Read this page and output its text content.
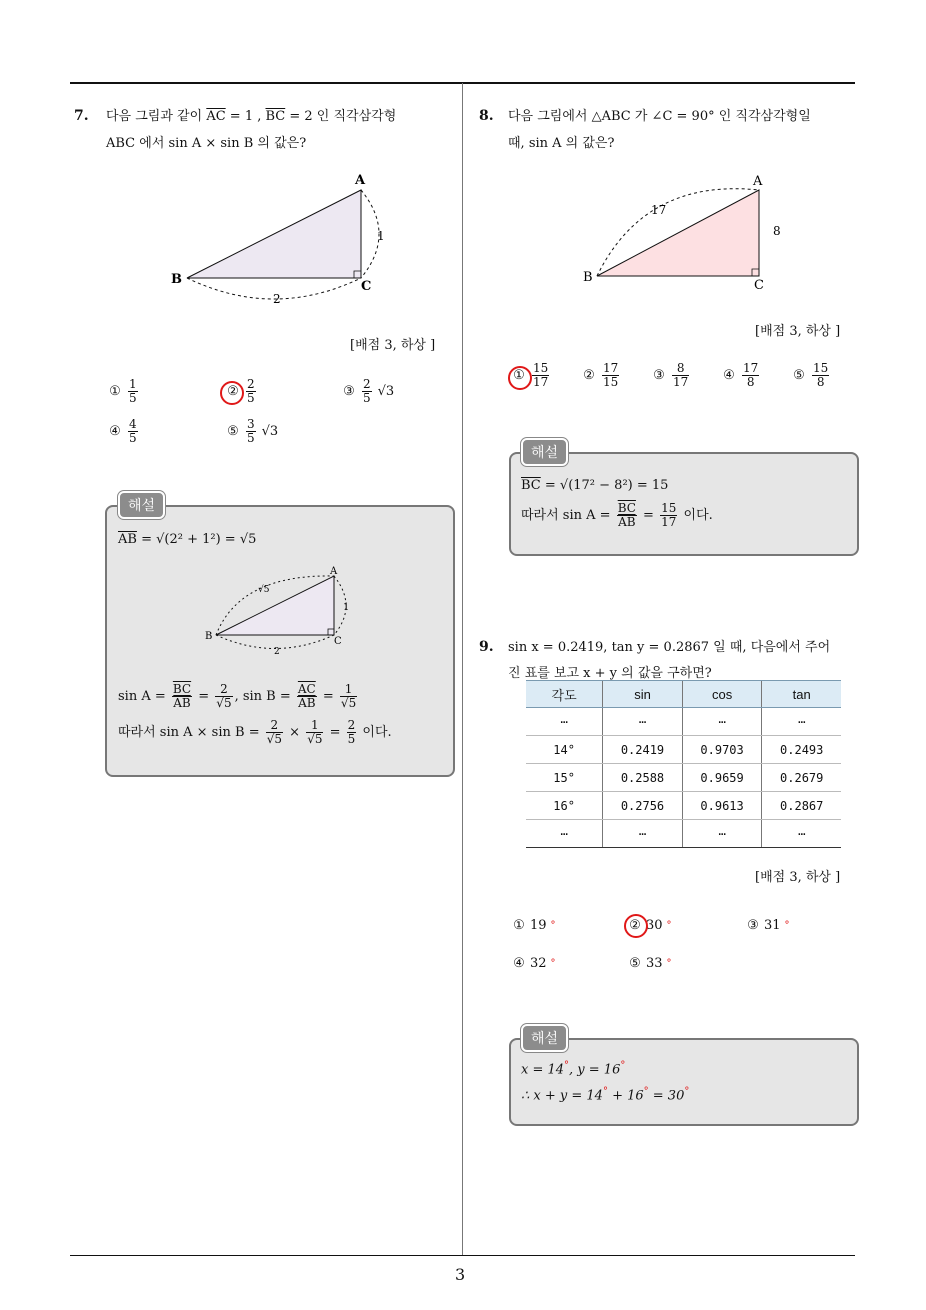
3
7. 다음 그림과 같이 $\overline{AC} = 1$ , $\overline{BC} = 2$ 인 직각삼각형
ABC 에서 sin A × sin B 의 값은?
A
B	C
1
2
[배점 3, 하상 ]
① $\frac{1}{5}$	② $\frac{2}{5}$	③ $\frac{2}{5} √3$
④ $\frac{4}{5}$	⑤ $\frac{3}{5} √3$
해설
$\overline{AB} = √(2^2 + 1^2) = √5$
A
B	C
√5
1
2
$\sin A = \frac{\overline{BC}}{AB} = \frac{2}{√5}$ , $\sin B = \frac{\overline{AC}}{AB} = \frac{1}{√5}$
따라서 $\sin A \times \sin B = \frac{2}{√5} \times \frac{1}{√5} = \frac{2}{5}$ 이다.
8. 다음 그림에서 △ABC 가 ∠C = 90° 인 직각삼각형일
때, sin A 의 값은?
A
B
C
17
8
[배점 3, 하상 ]
① $\frac{15}{17}$	② $\frac{17}{15}$	③ $\frac{8}{17}$	④ $\frac{17}{8}$	⑤ $\frac{15}{8}$
해설
$\overline{BC} = √(17^2 - 8^2) = 15$
따라서 $\sin A = \frac{\overline{BC}}{AB} = \frac{15}{17}$ 이다.
9. sin x = 0.2419, tan y = 0.2867 일 때, 다음에서 주어
진 표를 보고 x + y 의 값을 구하면?
각도	sin	cos	tan
⋯	⋯	⋯	⋯
14°	0.2419	0.9703	0.2493
15°	0.2588	0.9659	0.2679
16°	0.2756	0.9613	0.2867
⋯	⋯	⋯	⋯
[배점 3, 하상 ]
① 19 °	② 30 °	③ 31 °
④ 32 °	⑤ 33 °
해설
x = 14°, y = 16°
∴ x + y = 14° + 16° = 30°
